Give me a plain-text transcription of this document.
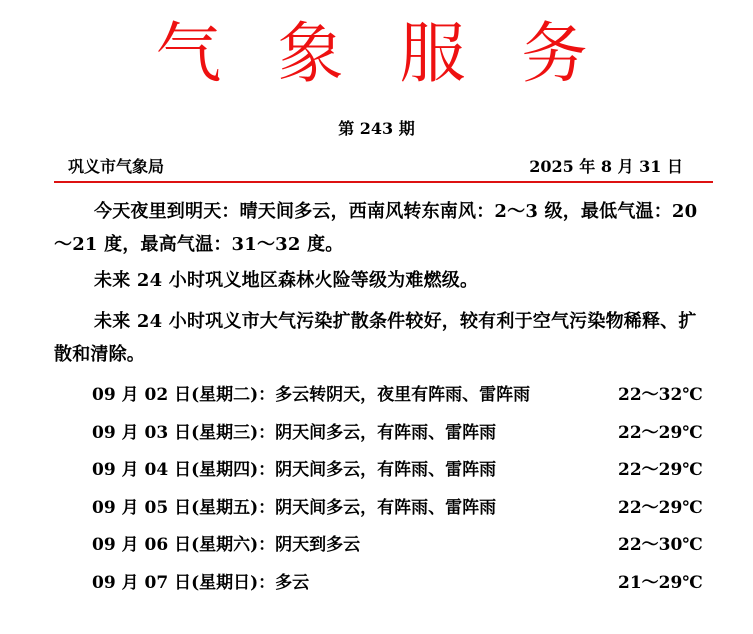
气象服务
第 243 期
巩义市气象局	2025 年 8 月 31 日
今天夜里到明天：晴天间多云，西南风转东南风：2～3 级，最低气温：20～21 度，最高气温：31～32 度。
未来 24 小时巩义地区森林火险等级为难燃级。
未来 24 小时巩义市大气污染扩散条件较好，较有利于空气污染物稀释、扩散和清除。
09 月 02 日(星期二)：多云转阴天，夜里有阵雨、雷阵雨	22～32℃
09 月 03 日(星期三)：阴天间多云，有阵雨、雷阵雨	22～29℃
09 月 04 日(星期四)：阴天间多云，有阵雨、雷阵雨	22～29℃
09 月 05 日(星期五)：阴天间多云，有阵雨、雷阵雨	22～29℃
09 月 06 日(星期六)：阴天到多云	22～30℃
09 月 07 日(星期日)：多云	21～29℃
